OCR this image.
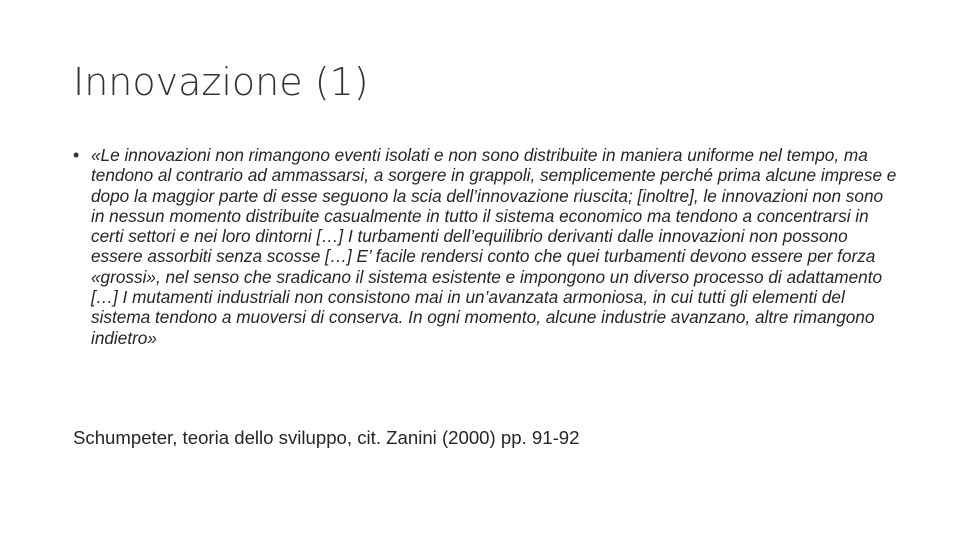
Innovazione (1)
• «Le innovazioni non rimangono eventi isolati e non sono distribuite in maniera uniforme nel tempo, ma tendono al contrario ad ammassarsi, a sorgere in grappoli, semplicemente perché prima alcune imprese e dopo la maggior parte di esse seguono la scia dell’innovazione riuscita; [inoltre], le innovazioni non sono in nessun momento distribuite casualmente in tutto il sistema economico ma tendono a concentrarsi in certi settori e nei loro dintorni […] I turbamenti dell’equilibrio derivanti dalle innovazioni non possono essere assorbiti senza scosse […] E’ facile rendersi conto che quei turbamenti devono essere per forza «grossi», nel senso che sradicano il sistema esistente e impongono un diverso processo di adattamento […] I mutamenti industriali non consistono mai in un’avanzata armoniosa, in cui tutti gli elementi del sistema tendono a muoversi di conserva. In ogni momento, alcune industrie avanzano, altre rimangono indietro»

Schumpeter, teoria dello sviluppo, cit. Zanini (2000) pp. 91-92
